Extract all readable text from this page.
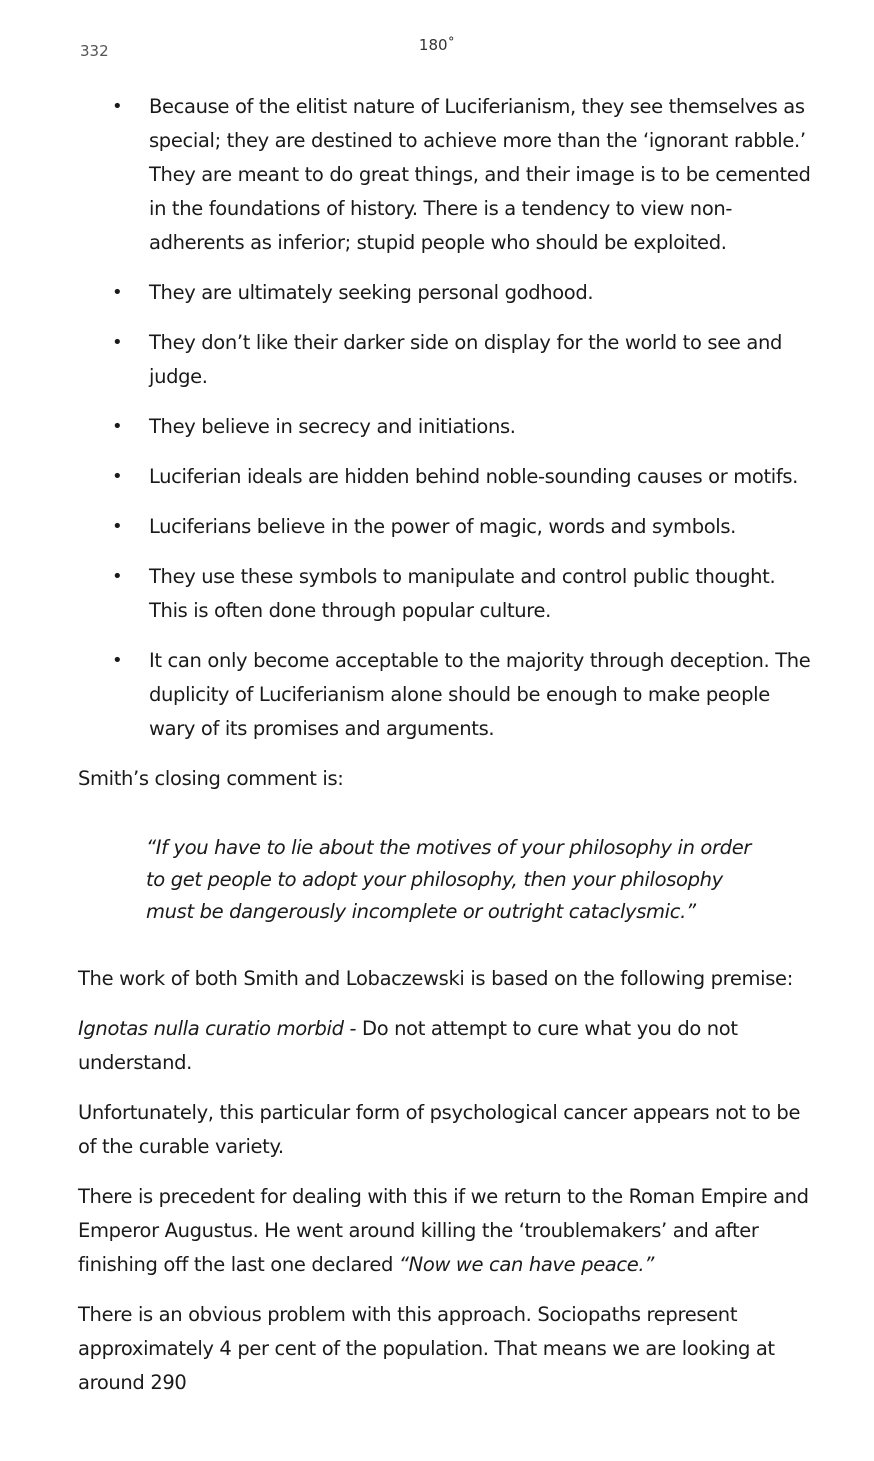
332	180˚
• Because of the elitist nature of Luciferianism, they see themselves as special; they are destined to achieve more than the ‘ignorant rabble.’ They are meant to do great things, and their image is to be cemented in the foundations of history. There is a tendency to view non-adherents as inferior; stupid people who should be exploited.
• They are ultimately seeking personal godhood.
• They don’t like their darker side on display for the world to see and judge.
• They believe in secrecy and initiations.
• Luciferian ideals are hidden behind noble-sounding causes or motifs.
• Luciferians believe in the power of magic, words and symbols.
• They use these symbols to manipulate and control public thought. This is often done through popular culture.
• It can only become acceptable to the majority through deception. The duplicity of Luciferianism alone should be enough to make people wary of its promises and arguments.

Smith’s closing comment is:

“If you have to lie about the motives of your philosophy in order to get people to adopt your philosophy, then your philosophy must be dangerously incomplete or outright cataclysmic.”

The work of both Smith and Lobaczewski is based on the following premise:

Ignotas nulla curatio morbid - Do not attempt to cure what you do not understand.

Unfortunately, this particular form of psychological cancer appears not to be of the curable variety.

There is precedent for dealing with this if we return to the Roman Empire and Emperor Augustus. He went around killing the ‘troublemakers’ and after finishing off the last one declared “Now we can have peace.”

There is an obvious problem with this approach. Sociopaths represent approximately 4 per cent of the population. That means we are looking at around 290
